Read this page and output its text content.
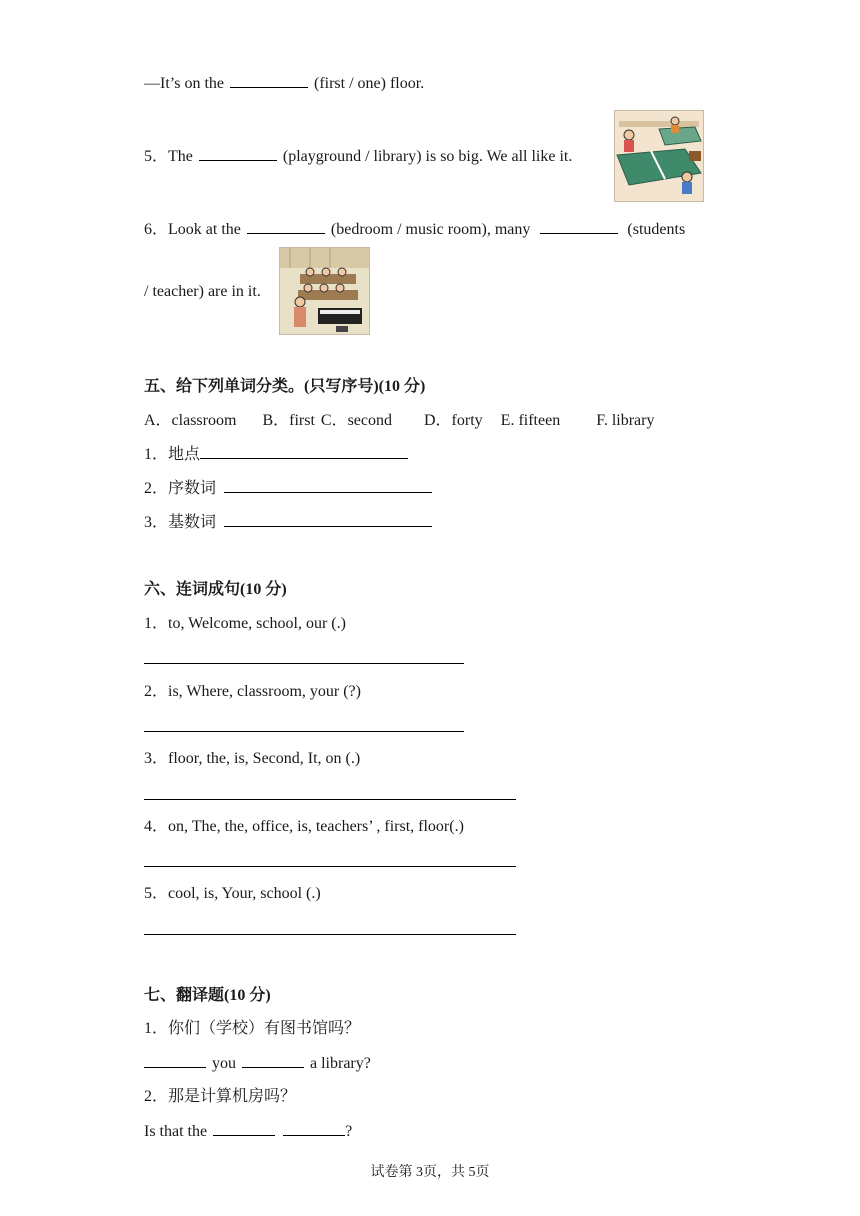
—It’s on the	(first / one) floor.
5．The	(playground / library) is so big. We all like it.
6．Look at the	(bedroom / music room), many	(students
/ teacher) are in it.
五、给下列单词分类。(只写序号)(10 分)
A．classroom B．first C．second D．forty E. fifteen F. library
1．地点
2．序数词
3．基数词
六、连词成句(10 分)
1．to, Welcome, school, our (.)
2．is, Where, classroom, your (?)
3．floor, the, is, Second, It, on (.)
4．on, The, the, office, is, teachers’ , first, floor(.)
5．cool, is, Your, school (.)
七、翻译题(10 分)
1．你们（学校）有图书馆吗？
you	a library?
2．那是计算机房吗？
Is that the	?
试卷第 3页，共 5页
